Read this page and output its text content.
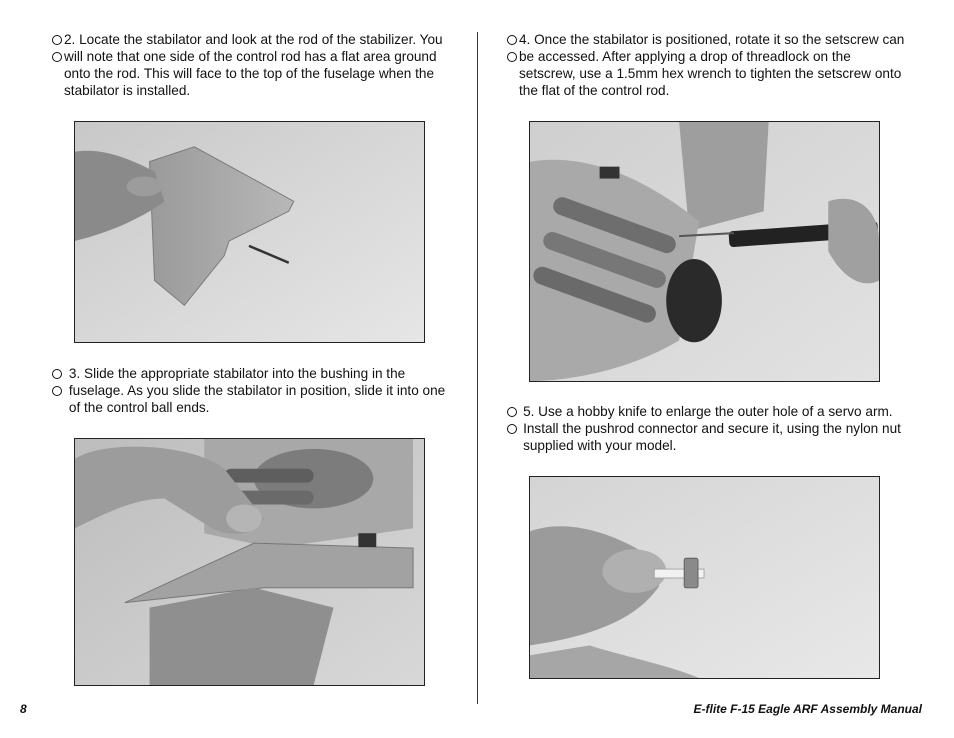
2. Locate the stabilator and look at the rod of the stabilizer. You will note that one side of the control rod has a flat area ground onto the rod. This will face to the top of the fuselage when the stabilator is installed.

3. Slide the appropriate stabilator into the bushing in the fuselage. As you slide the stabilator in position, slide it into one of the control ball ends.

4. Once the stabilator is positioned, rotate it so the setscrew can be accessed. After applying a drop of threadlock on the setscrew, use a 1.5mm hex wrench to tighten the setscrew onto the flat of the control rod.

5. Use a hobby knife to enlarge the outer hole of a servo arm. Install the pushrod connector and secure it, using the nylon nut supplied with your model.

8	E-flite F-15 Eagle ARF Assembly Manual
